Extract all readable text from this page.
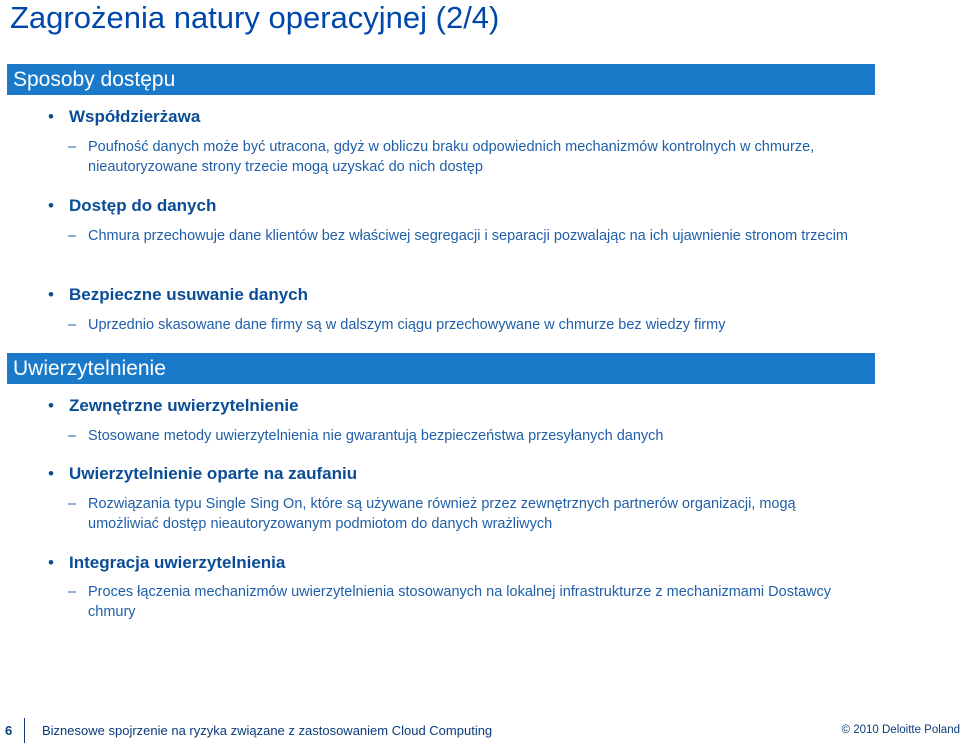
Zagrożenia natury operacyjnej (2/4)
Sposoby dostępu
• Współdzierżawa
– Poufność danych może być utracona, gdyż w obliczu braku odpowiednich mechanizmów kontrolnych w chmurze, nieautoryzowane strony trzecie mogą uzyskać do nich dostęp
• Dostęp do danych
– Chmura przechowuje dane klientów bez właściwej segregacji i separacji pozwalając na ich ujawnienie stronom trzecim
• Bezpieczne usuwanie danych
– Uprzednio skasowane dane firmy są w dalszym ciągu przechowywane w chmurze bez wiedzy firmy
Uwierzytelnienie
• Zewnętrzne uwierzytelnienie
– Stosowane metody uwierzytelnienia nie gwarantują bezpieczeństwa przesyłanych danych
• Uwierzytelnienie oparte na zaufaniu
– Rozwiązania typu Single Sing On, które są używane również przez zewnętrznych partnerów organizacji, mogą umożliwiać dostęp nieautoryzowanym podmiotom do danych wrażliwych
• Integracja uwierzytelnienia
– Proces łączenia mechanizmów uwierzytelnienia stosowanych na lokalnej infrastrukturze z mechanizmami Dostawcy chmury
6 Biznesowe spojrzenie na ryzyka związane z zastosowaniem Cloud Computing	© 2010 Deloitte Poland
